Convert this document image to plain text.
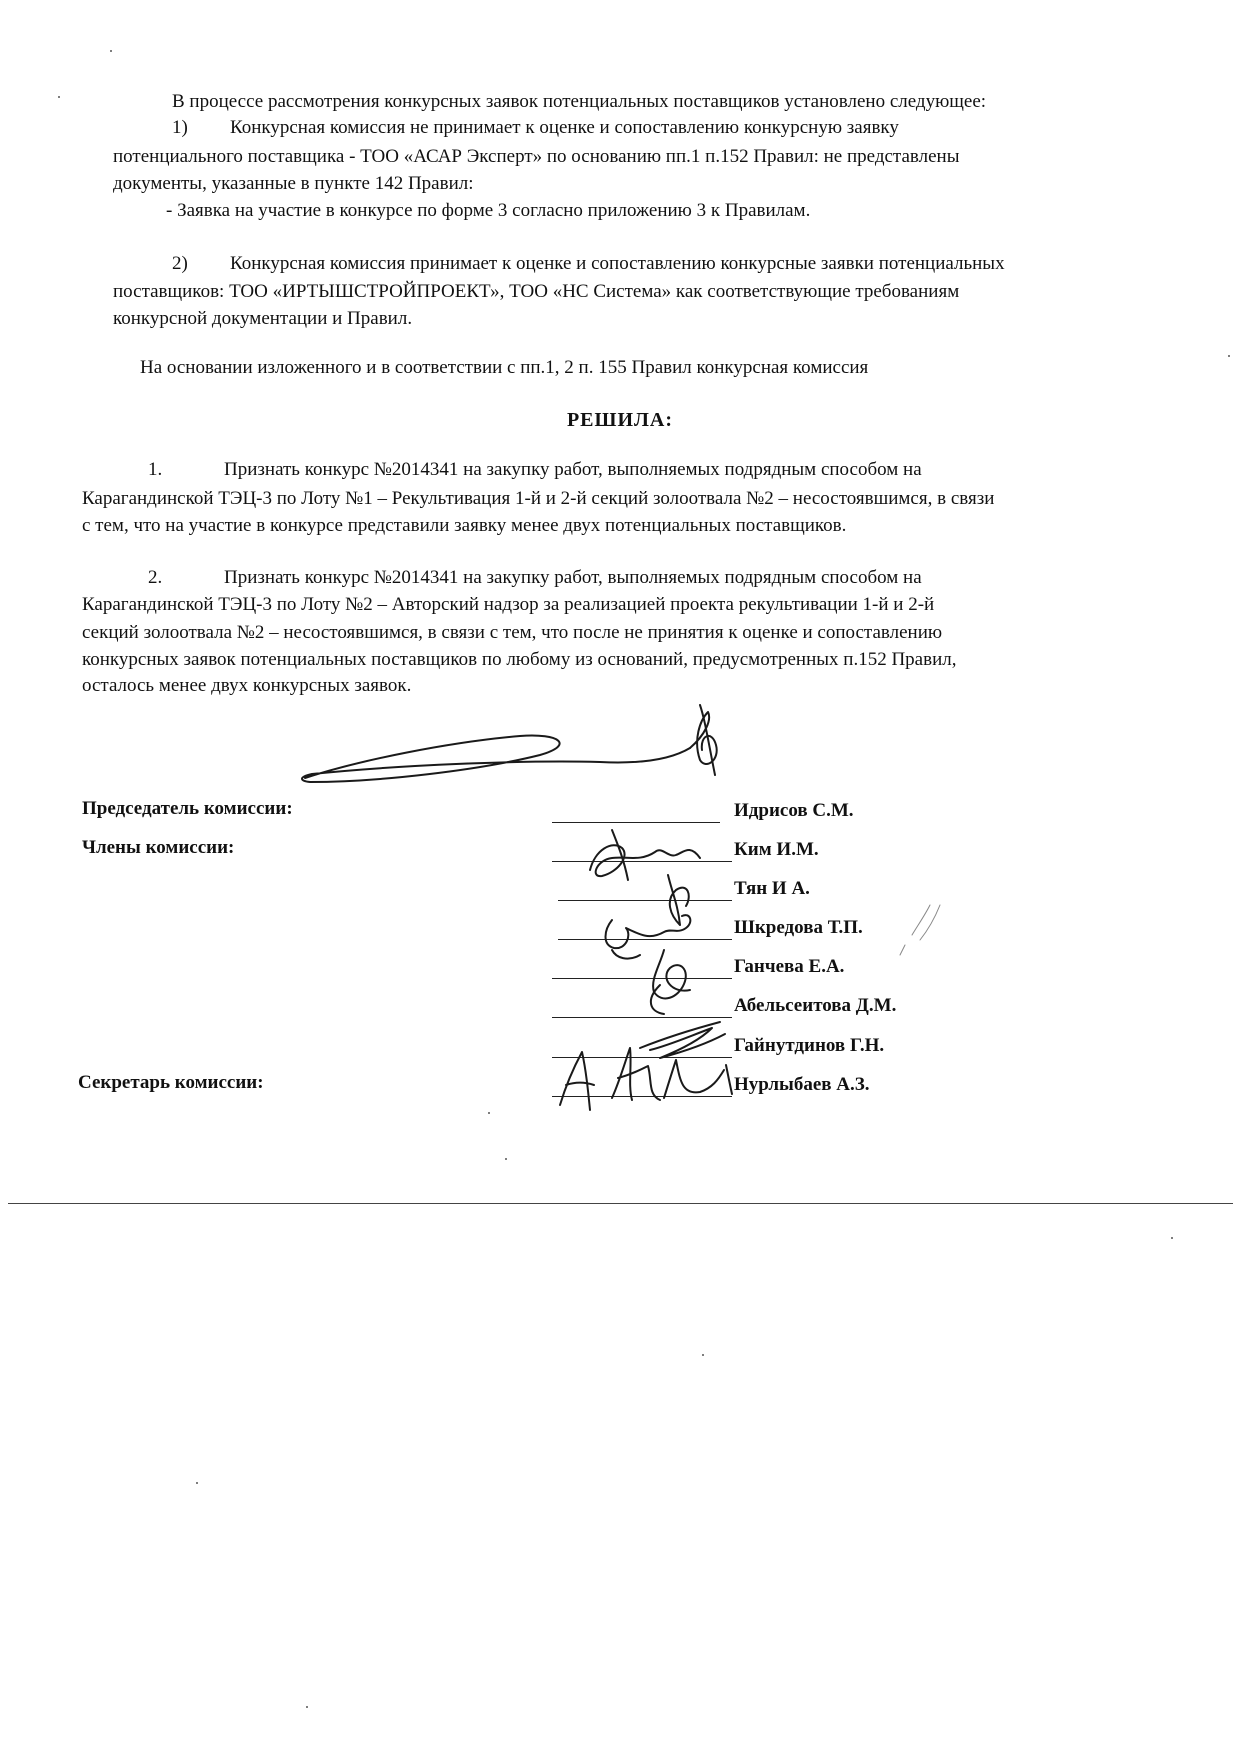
В процессе рассмотрения конкурсных заявок потенциальных поставщиков установлено следующее:
1) Конкурсная комиссия не принимает к оценке и сопоставлению конкурсную заявку
потенциального поставщика - ТОО «АСАР Эксперт» по основанию пп.1 п.152 Правил: не представлены
документы, указанные в пункте 142 Правил:
- Заявка на участие в конкурсе по форме 3 согласно приложению 3 к Правилам.
2) Конкурсная комиссия принимает к оценке и сопоставлению конкурсные заявки потенциальных
поставщиков: ТОО «ИРТЫШСТРОЙПРОЕКТ», ТОО «НС Система» как соответствующие требованиям
конкурсной документации и Правил.
На основании изложенного и в соответствии с пп.1, 2 п. 155 Правил конкурсная комиссия
РЕШИЛА:
1.	Признать конкурс №2014341 на закупку работ, выполняемых подрядным способом на
Карагандинской ТЭЦ-3 по Лоту №1 – Рекультивация 1-й и 2-й секций золоотвала №2 – несостоявшимся, в связи
с тем, что на участие в конкурсе представили заявку менее двух потенциальных поставщиков.
2.	Признать конкурс №2014341 на закупку работ, выполняемых подрядным способом на
Карагандинской ТЭЦ-3 по Лоту №2 – Авторский надзор за реализацией проекта рекультивации 1-й и 2-й
секций золоотвала №2 – несостоявшимся, в связи с тем, что после не принятия к оценке и сопоставлению
конкурсных заявок потенциальных поставщиков по любому из оснований, предусмотренных п.152 Правил,
осталось менее двух конкурсных заявок.
Председатель комиссии:
Члены комиссии:
Секретарь комиссии:
Идрисов С.М.
Ким И.М.
Тян И А.
Шкредова Т.П.
Ганчева Е.А.
Абельсеитова Д.М.
Гайнутдинов Г.Н.
Нурлыбаев А.З.
